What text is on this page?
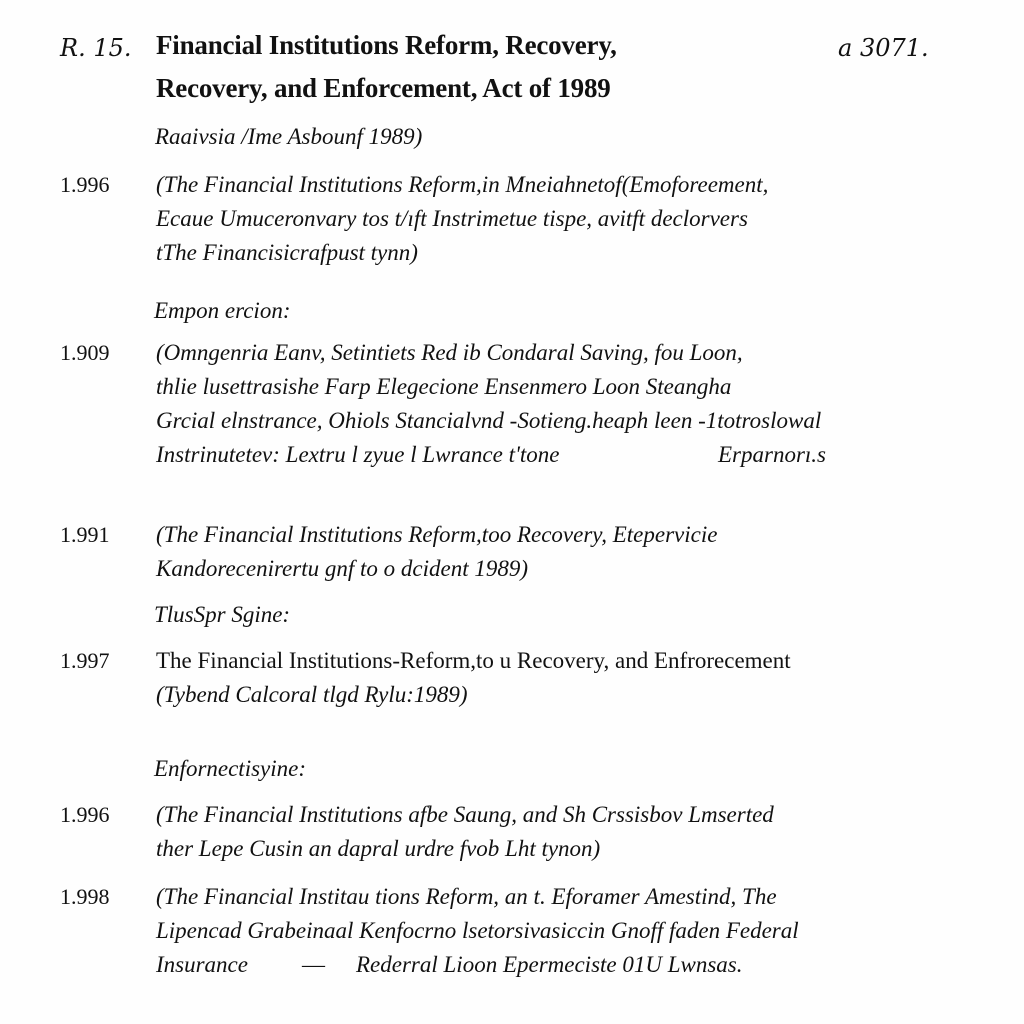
R. 15. Financial Institutions Reform, Recovery,
Recovery, and Enforcement, Act of 1989
a 3071.
Raaivsia /Ime Asbounf 1989)
1.996 (The Financial Institutions Reform,in Mneiahnetof(Emoforeement,
Ecaue Umuceronvary tos t/ıft Instrimetue tispe, avitft declorvers
tThe Financisicrafpust tynn)
Empon ercion:
1.909 (Omngenria Eanv, Setintiets Red ib Condaral Saving, fou Loon,
thlie lusettrasishe Farp Elegecione Ensenmero Loon Steangha
Grcial elnstrance, Ohiols Stancialvnd -Sotieng.heaph leen -1totroslowal
Instrinutetev: Lextru l zyue l Lwrance t'tone	Erparnorı.s
1.991 (The Financial Institutions Reform,too Recovery, Etepervicie
Kandorecenirertu gnf to o dcident 1989)
TlusSpr Sgine:
1.997 The Financial Institutions-Reform,to u Recovery, and Enfrorecement
(Tybend Calcoral tlgd Rylu:1989)
Enfornectisyine:
1.996 (The Financial Institutions afbe Saung, and Sh Crssisbov Lmserted
ther Lepe Cusin an dapral urdre fvob Lht tynon)
1.998 (The Financial Institau tions Reform, an t. Eforamer Amestind, The
Lipencad Grabeinaal Kenfocrno lsetorsivasiccin Gnoff faden Federal
Insurance — Rederral Lioon Epermeciste 01U Lwnsas.
